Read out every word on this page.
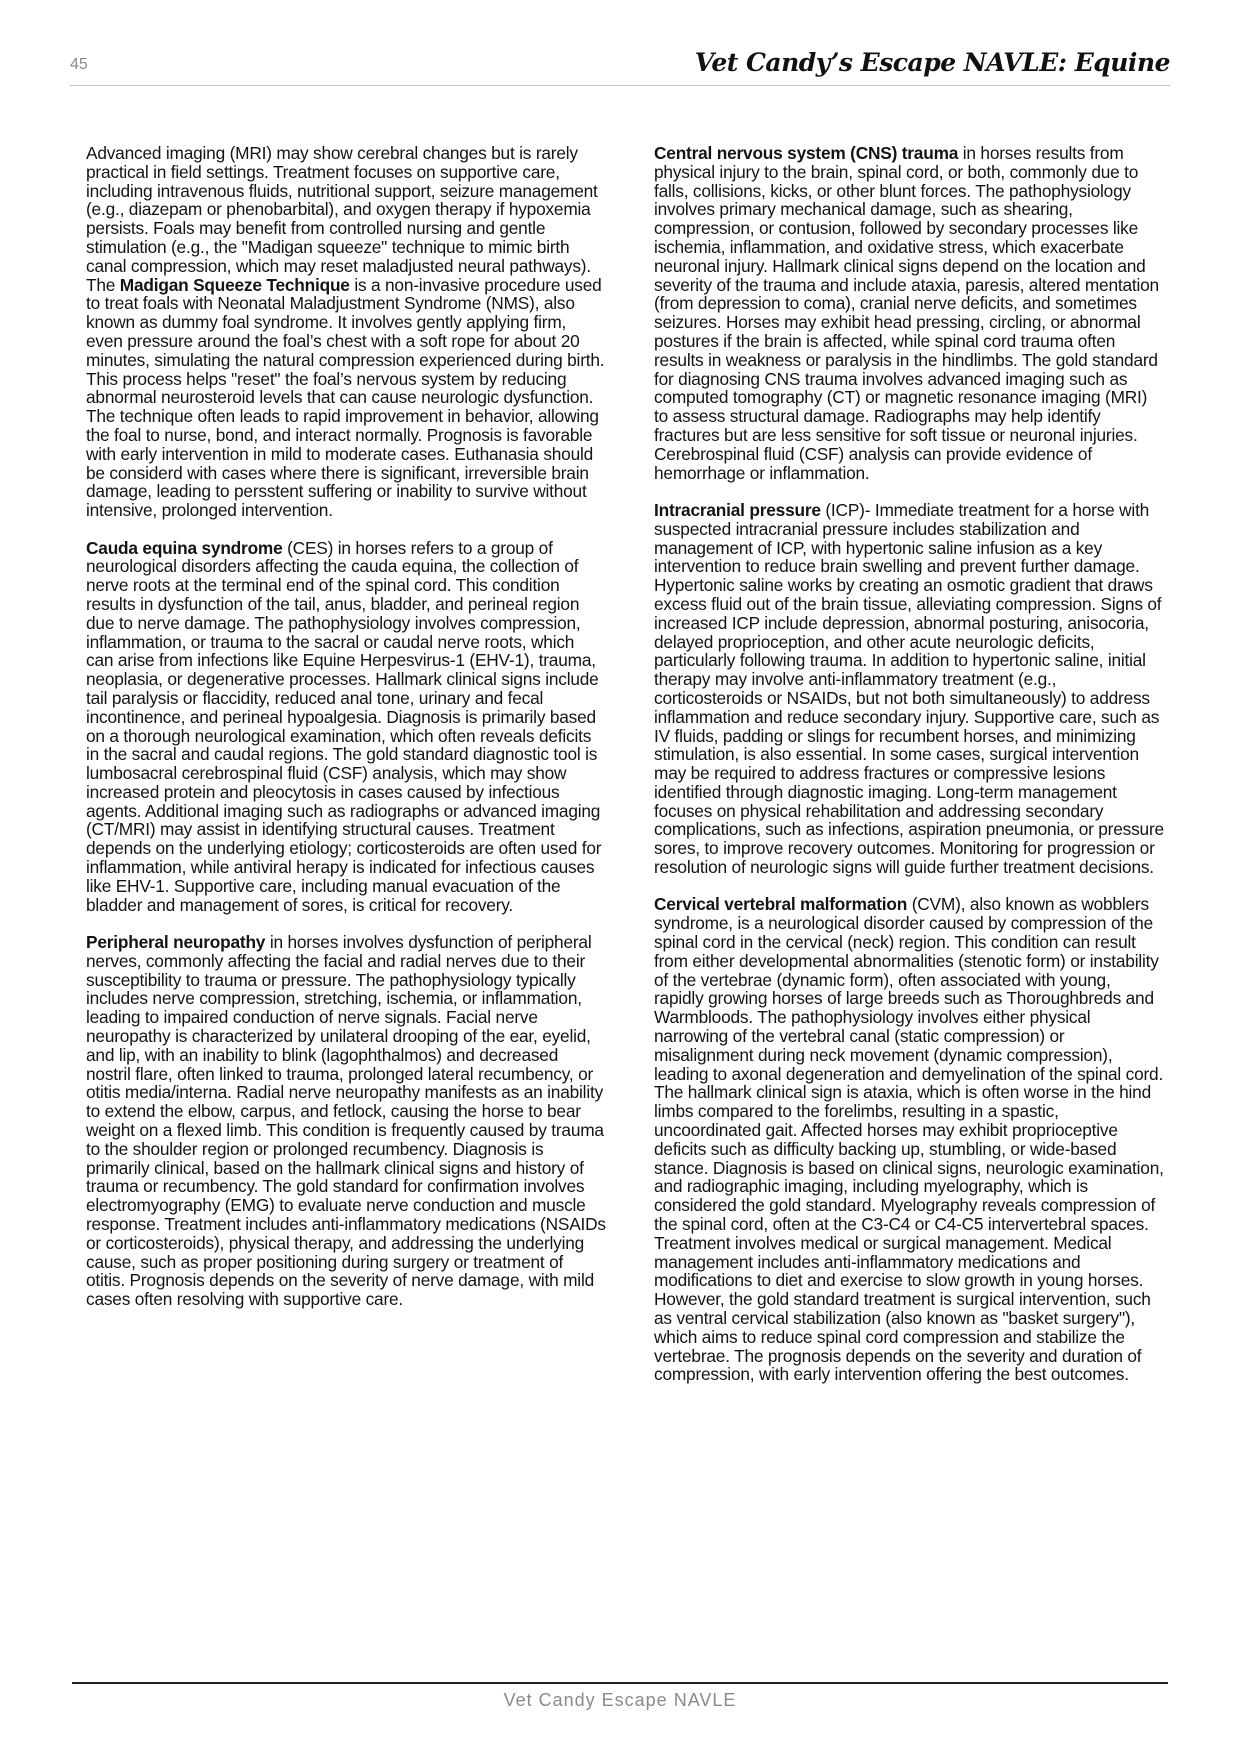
45	Vet Candy’s Escape NAVLE: Equine

Advanced imaging (MRI) may show cerebral changes but is rarely practical in field settings. Treatment focuses on supportive care, including intravenous fluids, nutritional support, seizure management (e.g., diazepam or phenobarbital), and oxygen therapy if hypoxemia persists. Foals may benefit from controlled nursing and gentle stimulation (e.g., the "Madigan squeeze" technique to mimic birth canal compression, which may reset maladjusted neural pathways). The Madigan Squeeze Technique is a non-invasive procedure used to treat foals with Neonatal Maladjustment Syndrome (NMS), also known as dummy foal syndrome. It involves gently applying firm, even pressure around the foal’s chest with a soft rope for about 20 minutes, simulating the natural compression experienced during birth. This process helps "reset" the foal’s nervous system by reducing abnormal neurosteroid levels that can cause neurologic dysfunction. The technique often leads to rapid improvement in behavior, allowing the foal to nurse, bond, and interact normally. Prognosis is favorable with early intervention in mild to moderate cases. Euthanasia should be considerd with cases where there is significant, irreversible brain damage, leading to persstent suffering or inability to survive without intensive, prolonged intervention.

Cauda equina syndrome (CES) in horses refers to a group of neurological disorders affecting the cauda equina, the collection of nerve roots at the terminal end of the spinal cord. This condition results in dysfunction of the tail, anus, bladder, and perineal region due to nerve damage. The pathophysiology involves compression, inflammation, or trauma to the sacral or caudal nerve roots, which can arise from infections like Equine Herpesvirus-1 (EHV-1), trauma, neoplasia, or degenerative processes. Hallmark clinical signs include tail paralysis or flaccidity, reduced anal tone, urinary and fecal incontinence, and perineal hypoalgesia. Diagnosis is primarily based on a thorough neurological examination, which often reveals deficits in the sacral and caudal regions. The gold standard diagnostic tool is lumbosacral cerebrospinal fluid (CSF) analysis, which may show increased protein and pleocytosis in cases caused by infectious agents. Additional imaging such as radiographs or advanced imaging (CT/MRI) may assist in identifying structural causes. Treatment depends on the underlying etiology; corticosteroids are often used for inflammation, while antiviral herapy is indicated for infectious causes like EHV-1. Supportive care, including manual evacuation of the bladder and management of sores, is critical for recovery.

Peripheral neuropathy in horses involves dysfunction of peripheral nerves, commonly affecting the facial and radial nerves due to their susceptibility to trauma or pressure. The pathophysiology typically includes nerve compression, stretching, ischemia, or inflammation, leading to impaired conduction of nerve signals. Facial nerve neuropathy is characterized by unilateral drooping of the ear, eyelid, and lip, with an inability to blink (lagophthalmos) and decreased nostril flare, often linked to trauma, prolonged lateral recumbency, or otitis media/interna. Radial nerve neuropathy manifests as an inability to extend the elbow, carpus, and fetlock, causing the horse to bear weight on a flexed limb. This condition is frequently caused by trauma to the shoulder region or prolonged recumbency. Diagnosis is primarily clinical, based on the hallmark clinical signs and history of trauma or recumbency. The gold standard for confirmation involves electromyography (EMG) to evaluate nerve conduction and muscle response. Treatment includes anti-inflammatory medications (NSAIDs or corticosteroids), physical therapy, and addressing the underlying cause, such as proper positioning during surgery or treatment of otitis. Prognosis depends on the severity of nerve damage, with mild cases often resolving with supportive care.

Central nervous system (CNS) trauma in horses results from physical injury to the brain, spinal cord, or both, commonly due to falls, collisions, kicks, or other blunt forces. The pathophysiology involves primary mechanical damage, such as shearing, compression, or contusion, followed by secondary processes like ischemia, inflammation, and oxidative stress, which exacerbate neuronal injury. Hallmark clinical signs depend on the location and severity of the trauma and include ataxia, paresis, altered mentation (from depression to coma), cranial nerve deficits, and sometimes seizures. Horses may exhibit head pressing, circling, or abnormal postures if the brain is affected, while spinal cord trauma often results in weakness or paralysis in the hindlimbs. The gold standard for diagnosing CNS trauma involves advanced imaging such as computed tomography (CT) or magnetic resonance imaging (MRI) to assess structural damage. Radiographs may help identify fractures but are less sensitive for soft tissue or neuronal injuries. Cerebrospinal fluid (CSF) analysis can provide evidence of hemorrhage or inflammation.

Intracranial pressure (ICP)- Immediate treatment for a horse with suspected intracranial pressure includes stabilization and management of ICP, with hypertonic saline infusion as a key intervention to reduce brain swelling and prevent further damage. Hypertonic saline works by creating an osmotic gradient that draws excess fluid out of the brain tissue, alleviating compression. Signs of increased ICP include depression, abnormal posturing, anisocoria, delayed proprioception, and other acute neurologic deficits, particularly following trauma. In addition to hypertonic saline, initial therapy may involve anti-inflammatory treatment (e.g., corticosteroids or NSAIDs, but not both simultaneously) to address inflammation and reduce secondary injury. Supportive care, such as IV fluids, padding or slings for recumbent horses, and minimizing stimulation, is also essential. In some cases, surgical intervention may be required to address fractures or compressive lesions identified through diagnostic imaging. Long-term management focuses on physical rehabilitation and addressing secondary complications, such as infections, aspiration pneumonia, or pressure sores, to improve recovery outcomes. Monitoring for progression or resolution of neurologic signs will guide further treatment decisions.

Cervical vertebral malformation (CVM), also known as wobblers syndrome, is a neurological disorder caused by compression of the spinal cord in the cervical (neck) region. This condition can result from either developmental abnormalities (stenotic form) or instability of the vertebrae (dynamic form), often associated with young, rapidly growing horses of large breeds such as Thoroughbreds and Warmbloods. The pathophysiology involves either physical narrowing of the vertebral canal (static compression) or misalignment during neck movement (dynamic compression), leading to axonal degeneration and demyelination of the spinal cord. The hallmark clinical sign is ataxia, which is often worse in the hind limbs compared to the forelimbs, resulting in a spastic, uncoordinated gait. Affected horses may exhibit proprioceptive deficits such as difficulty backing up, stumbling, or wide-based stance. Diagnosis is based on clinical signs, neurologic examination, and radiographic imaging, including myelography, which is considered the gold standard. Myelography reveals compression of the spinal cord, often at the C3-C4 or C4-C5 intervertebral spaces. Treatment involves medical or surgical management. Medical management includes anti-inflammatory medications and modifications to diet and exercise to slow growth in young horses. However, the gold standard treatment is surgical intervention, such as ventral cervical stabilization (also known as "basket surgery"), which aims to reduce spinal cord compression and stabilize the vertebrae. The prognosis depends on the severity and duration of compression, with early intervention offering the best outcomes.

Vet Candy Escape NAVLE
